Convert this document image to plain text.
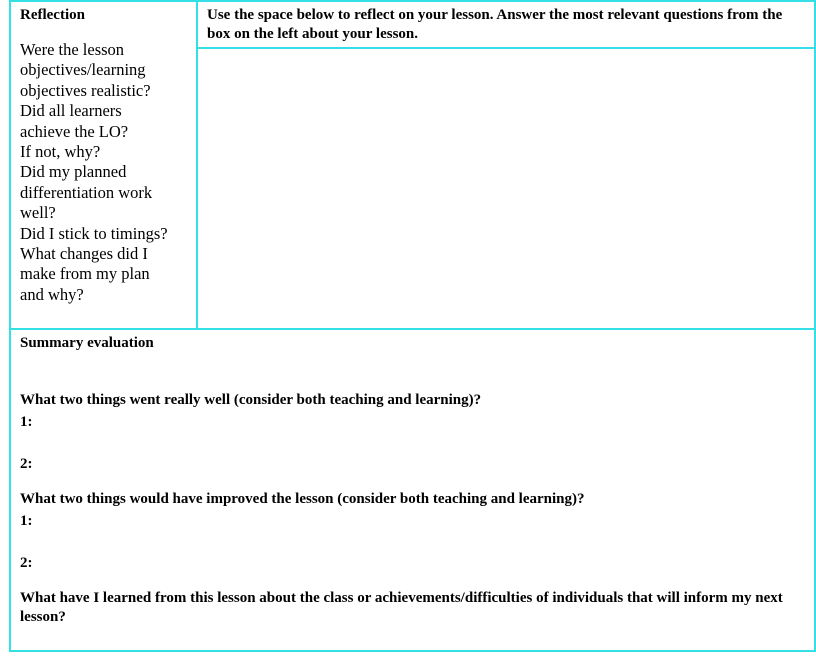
Reflection

Were the lesson
objectives/learning
objectives realistic?
Did all learners
achieve the LO?
If not, why?
Did my planned
differentiation work
well?
Did I stick to timings?
What changes did I
make from my plan
and why?

	Use the space below to reflect on your lesson. Answer the most relevant questions from the box on the left about your lesson.

Summary evaluation

What two things went really well (consider both teaching and learning)?

1:

2:

What two things would have improved the lesson (consider both teaching and learning)?

1:

2:

What have I learned from this lesson about the class or achievements/difficulties of individuals that will inform my next lesson?
